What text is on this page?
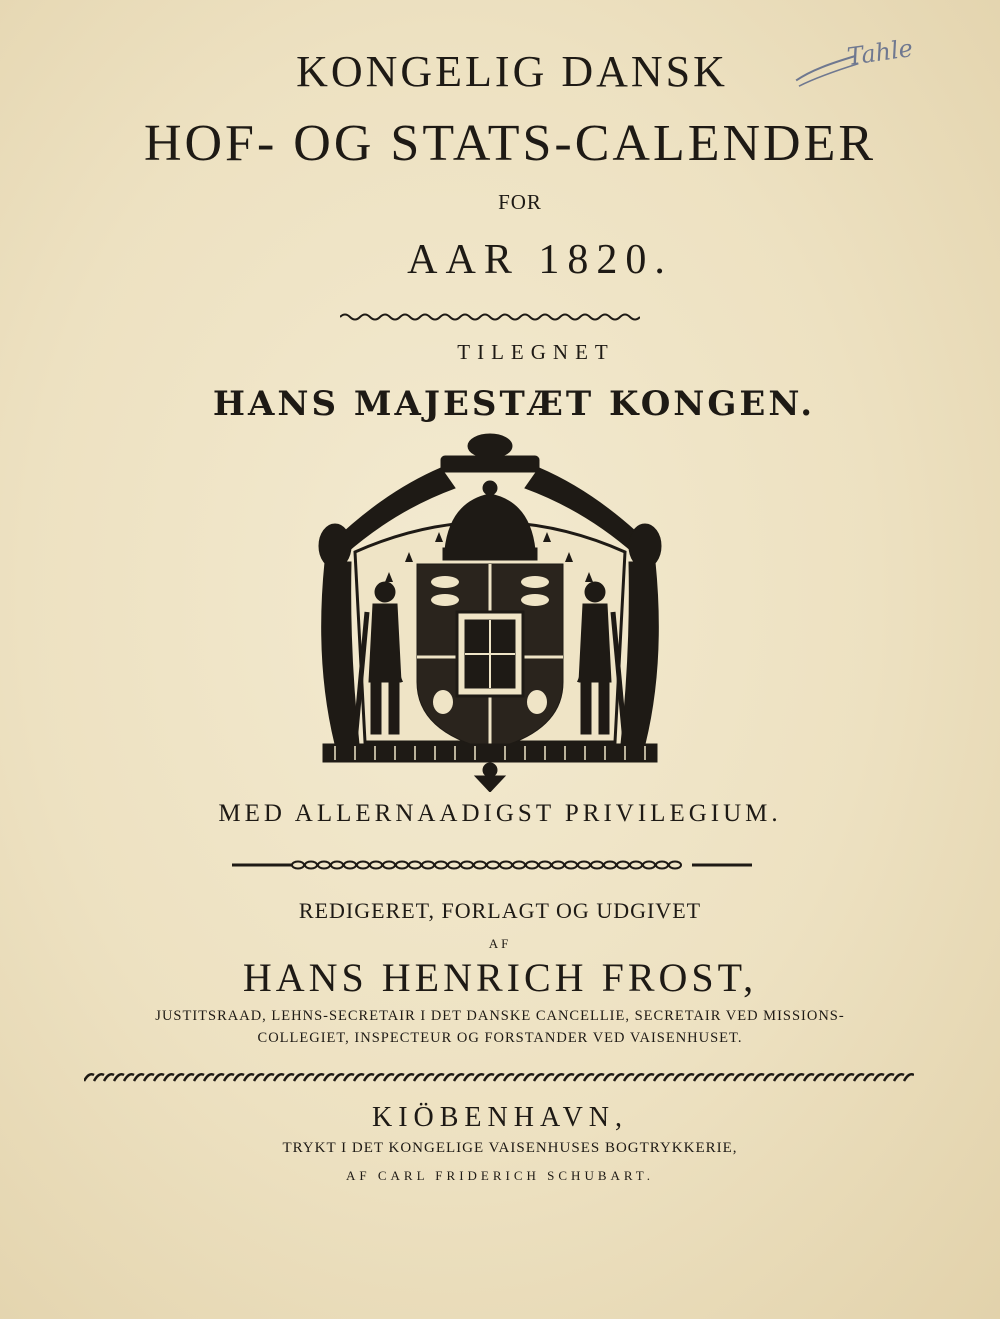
Tahle

KONGELIG DANSK

HOF- OG STATS-CALENDER

FOR

AAR 1820.

TILEGNET

HANS MAJESTÆT KONGEN.

MED ALLERNAADIGST PRIVILEGIUM.

REDIGERET, FORLAGT OG UDGIVET

AF

HANS HENRICH FROST,

JUSTITSRAAD, LEHNS-SECRETAIR I DET DANSKE CANCELLIE, SECRETAIR VED MISSIONS-

COLLEGIET, INSPECTEUR OG FORSTANDER VED VAISENHUSET.

KIÖBENHAVN,

TRYKT I DET KONGELIGE VAISENHUSES BOGTRYKKERIE,

AF CARL FRIDERICH SCHUBART.
